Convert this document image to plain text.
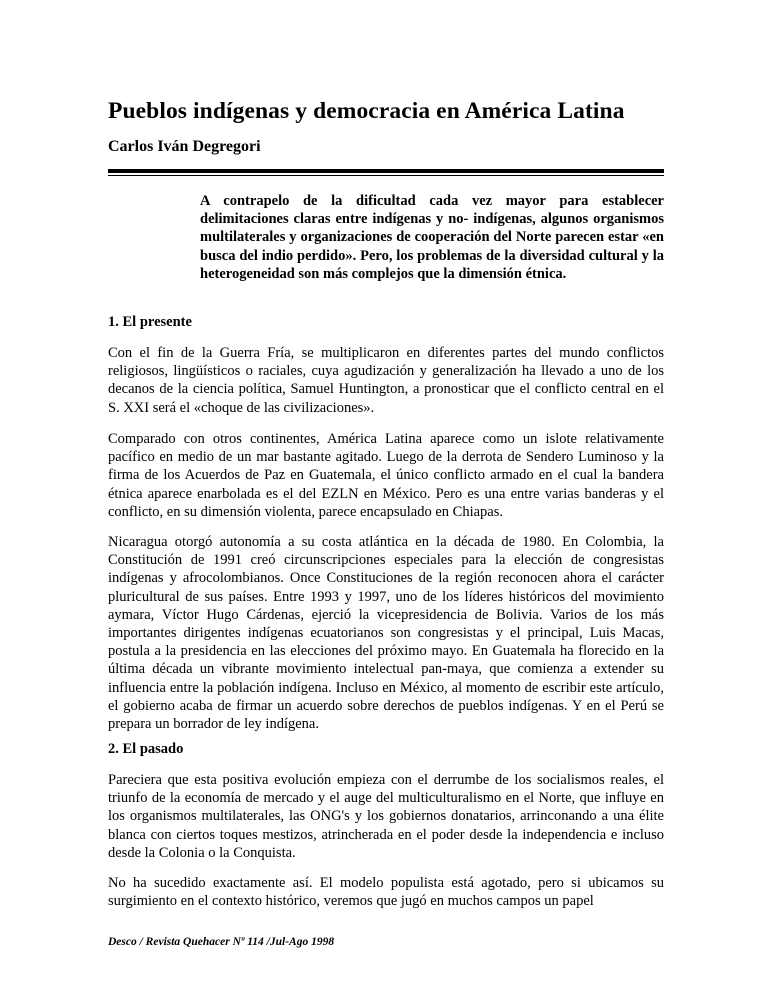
Pueblos indígenas y democracia en América Latina
Carlos Iván Degregori

A contrapelo de la dificultad cada vez mayor para establecer delimitaciones claras entre indígenas y no- indígenas, algunos organismos multilaterales y organizaciones de cooperación del Norte parecen estar «en busca del indio perdido». Pero, los problemas de la diversidad cultural y la heterogeneidad son más complejos que la dimensión étnica.

1. El presente

Con el fin de la Guerra Fría, se multiplicaron en diferentes partes del mundo conflictos religiosos, lingüísticos o raciales, cuya agudización y generalización ha llevado a uno de los decanos de la ciencia política, Samuel Huntington, a pronosticar que el conflicto central en el S. XXI será el «choque de las civilizaciones».

Comparado con otros continentes, América Latina aparece como un islote relativamente pacífico en medio de un mar bastante agitado. Luego de la derrota de Sendero Luminoso y la firma de los Acuerdos de Paz en Guatemala, el único conflicto armado en el cual la bandera étnica aparece enarbolada es el del EZLN en México. Pero es una entre varias banderas y el conflicto, en su dimensión violenta, parece encapsulado en Chiapas.

Nicaragua otorgó autonomía a su costa atlántica en la década de 1980. En Colombia, la Constitución de 1991 creó circunscripciones especiales para la elección de congresistas indígenas y afrocolombianos. Once Constituciones de la región reconocen ahora el carácter pluricultural de sus países. Entre 1993 y 1997, uno de los líderes históricos del movimiento aymara, Víctor Hugo Cárdenas, ejerció la vicepresidencia de Bolivia. Varios de los más importantes dirigentes indígenas ecuatorianos son congresistas y el principal, Luis Macas, postula a la presidencia en las elecciones del próximo mayo. En Guatemala ha florecido en la última década un vibrante movimiento intelectual pan-maya, que comienza a extender su influencia entre la población indígena. Incluso en México, al momento de escribir este artículo, el gobierno acaba de firmar un acuerdo sobre derechos de pueblos indígenas. Y en el Perú se prepara un borrador de ley indígena.

2. El pasado

Pareciera que esta positiva evolución empieza con el derrumbe de los socialismos reales, el triunfo de la economía de mercado y el auge del multiculturalismo en el Norte, que influye en los organismos multilaterales, las ONG's y los gobiernos donatarios, arrinconando a una élite blanca con ciertos toques mestizos, atrincherada en el poder desde la independencia e incluso desde la Colonia o la Conquista.

No ha sucedido exactamente así. El modelo populista está agotado, pero si ubicamos su surgimiento en el contexto histórico, veremos que jugó en muchos campos un papel

Desco / Revista Quehacer Nº 114 /Jul-Ago 1998
